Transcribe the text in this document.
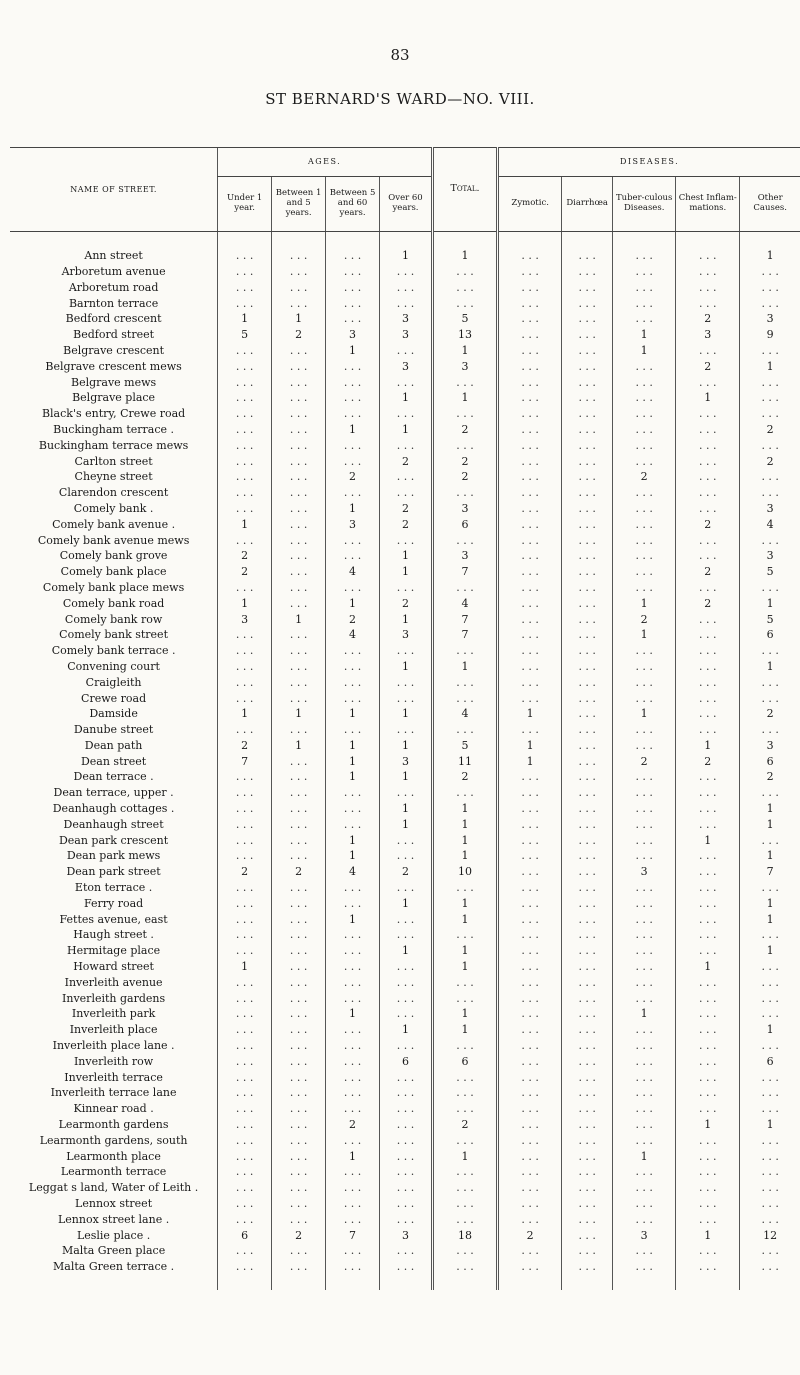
83
ST BERNARD'S WARD—NO. VIII.
NAME OF STREET.	AGES.				Total.	DISEASES.				
	Under 1 year.	Between 1 and 5 years.	Between 5 and 60 years.	Over 60 years.		Zymotic.	Diarrhœa	Tuber-culous Diseases.	Chest Inflam-mations.	Other Causes.

Ann street	. . .	. . .	. . .	1	1	. . .	. . .	. . .	. . .	1
Arboretum avenue	. . .	. . .	. . .	. . .	. . .	. . .	. . .	. . .	. . .	. . .
Arboretum road	. . .	. . .	. . .	. . .	. . .	. . .	. . .	. . .	. . .	. . .
Barnton terrace	. . .	. . .	. . .	. . .	. . .	. . .	. . .	. . .	. . .	. . .
Bedford crescent	1	1	. . .	3	5	. . .	. . .	. . .	2	3
Bedford street	5	2	3	3	13	. . .	. . .	1	3	9
Belgrave crescent	. . .	. . .	1	. . .	1	. . .	. . .	1	. . .	. . .
Belgrave crescent mews	. . .	. . .	. . .	3	3	. . .	. . .	. . .	2	1
Belgrave mews	. . .	. . .	. . .	. . .	. . .	. . .	. . .	. . .	. . .	. . .
Belgrave place	. . .	. . .	. . .	1	1	. . .	. . .	. . .	1	. . .
Black's entry, Crewe road	. . .	. . .	. . .	. . .	. . .	. . .	. . .	. . .	. . .	. . .
Buckingham terrace .	. . .	. . .	1	1	2	. . .	. . .	. . .	. . .	2
Buckingham terrace mews	. . .	. . .	. . .	. . .	. . .	. . .	. . .	. . .	. . .	. . .
Carlton street	. . .	. . .	. . .	2	2	. . .	. . .	. . .	. . .	2
Cheyne street	. . .	. . .	2	. . .	2	. . .	. . .	2	. . .	. . .
Clarendon crescent	. . .	. . .	. . .	. . .	. . .	. . .	. . .	. . .	. . .	. . .
Comely bank .	. . .	. . .	1	2	3	. . .	. . .	. . .	. . .	3
Comely bank avenue .	1	. . .	3	2	6	. . .	. . .	. . .	2	4
Comely bank avenue mews	. . .	. . .	. . .	. . .	. . .	. . .	. . .	. . .	. . .	. . .
Comely bank grove	2	. . .	. . .	1	3	. . .	. . .	. . .	. . .	3
Comely bank place	2	. . .	4	1	7	. . .	. . .	. . .	2	5
Comely bank place mews	. . .	. . .	. . .	. . .	. . .	. . .	. . .	. . .	. . .	. . .
Comely bank road	1	. . .	1	2	4	. . .	. . .	1	2	1
Comely bank row	3	1	2	1	7	. . .	. . .	2	. . .	5
Comely bank street	. . .	. . .	4	3	7	. . .	. . .	1	. . .	6
Comely bank terrace .	. . .	. . .	. . .	. . .	. . .	. . .	. . .	. . .	. . .	. . .
Convening court	. . .	. . .	. . .	1	1	. . .	. . .	. . .	. . .	1
Craigleith	. . .	. . .	. . .	. . .	. . .	. . .	. . .	. . .	. . .	. . .
Crewe road	. . .	. . .	. . .	. . .	. . .	. . .	. . .	. . .	. . .	. . .
Damside	1	1	1	1	4	1	. . .	1	. . .	2
Danube street	. . .	. . .	. . .	. . .	. . .	. . .	. . .	. . .	. . .	. . .
Dean path	2	1	1	1	5	1	. . .	. . .	1	3
Dean street	7	. . .	1	3	11	1	. . .	2	2	6
Dean terrace .	. . .	. . .	1	1	2	. . .	. . .	. . .	. . .	2
Dean terrace, upper .	. . .	. . .	. . .	. . .	. . .	. . .	. . .	. . .	. . .	. . .
Deanhaugh cottages .	. . .	. . .	. . .	1	1	. . .	. . .	. . .	. . .	1
Deanhaugh street	. . .	. . .	. . .	1	1	. . .	. . .	. . .	. . .	1
Dean park crescent	. . .	. . .	1	. . .	1	. . .	. . .	. . .	1	. . .
Dean park mews	. . .	. . .	1	. . .	1	. . .	. . .	. . .	. . .	1
Dean park street	2	2	4	2	10	. . .	. . .	3	. . .	7
Eton terrace .	. . .	. . .	. . .	. . .	. . .	. . .	. . .	. . .	. . .	. . .
Ferry road	. . .	. . .	. . .	1	1	. . .	. . .	. . .	. . .	1
Fettes avenue, east	. . .	. . .	1	. . .	1	. . .	. . .	. . .	. . .	1
Haugh street .	. . .	. . .	. . .	. . .	. . .	. . .	. . .	. . .	. . .	. . .
Hermitage place	. . .	. . .	. . .	1	1	. . .	. . .	. . .	. . .	1
Howard street	1	. . .	. . .	. . .	1	. . .	. . .	. . .	1	. . .
Inverleith avenue	. . .	. . .	. . .	. . .	. . .	. . .	. . .	. . .	. . .	. . .
Inverleith gardens	. . .	. . .	. . .	. . .	. . .	. . .	. . .	. . .	. . .	. . .
Inverleith park	. . .	. . .	1	. . .	1	. . .	. . .	1	. . .	. . .
Inverleith place	. . .	. . .	. . .	1	1	. . .	. . .	. . .	. . .	1
Inverleith place lane .	. . .	. . .	. . .	. . .	. . .	. . .	. . .	. . .	. . .	. . .
Inverleith row	. . .	. . .	. . .	6	6	. . .	. . .	. . .	. . .	6
Inverleith terrace	. . .	. . .	. . .	. . .	. . .	. . .	. . .	. . .	. . .	. . .
Inverleith terrace lane	. . .	. . .	. . .	. . .	. . .	. . .	. . .	. . .	. . .	. . .
Kinnear road .	. . .	. . .	. . .	. . .	. . .	. . .	. . .	. . .	. . .	. . .
Learmonth gardens	. . .	. . .	2	. . .	2	. . .	. . .	. . .	1	1
Learmonth gardens, south	. . .	. . .	. . .	. . .	. . .	. . .	. . .	. . .	. . .	. . .
Learmonth place	. . .	. . .	1	. . .	1	. . .	. . .	1	. . .	. . .
Learmonth terrace	. . .	. . .	. . .	. . .	. . .	. . .	. . .	. . .	. . .	. . .
Leggat s land, Water of Leith .	. . .	. . .	. . .	. . .	. . .	. . .	. . .	. . .	. . .	. . .
Lennox street	. . .	. . .	. . .	. . .	. . .	. . .	. . .	. . .	. . .	. . .
Lennox street lane .	. . .	. . .	. . .	. . .	. . .	. . .	. . .	. . .	. . .	. . .
Leslie place .	6	2	7	3	18	2	. . .	3	1	12
Malta Green place	. . .	. . .	. . .	. . .	. . .	. . .	. . .	. . .	. . .	. . .
Malta Green terrace .	. . .	. . .	. . .	. . .	. . .	. . .	. . .	. . .	. . .	. . .
